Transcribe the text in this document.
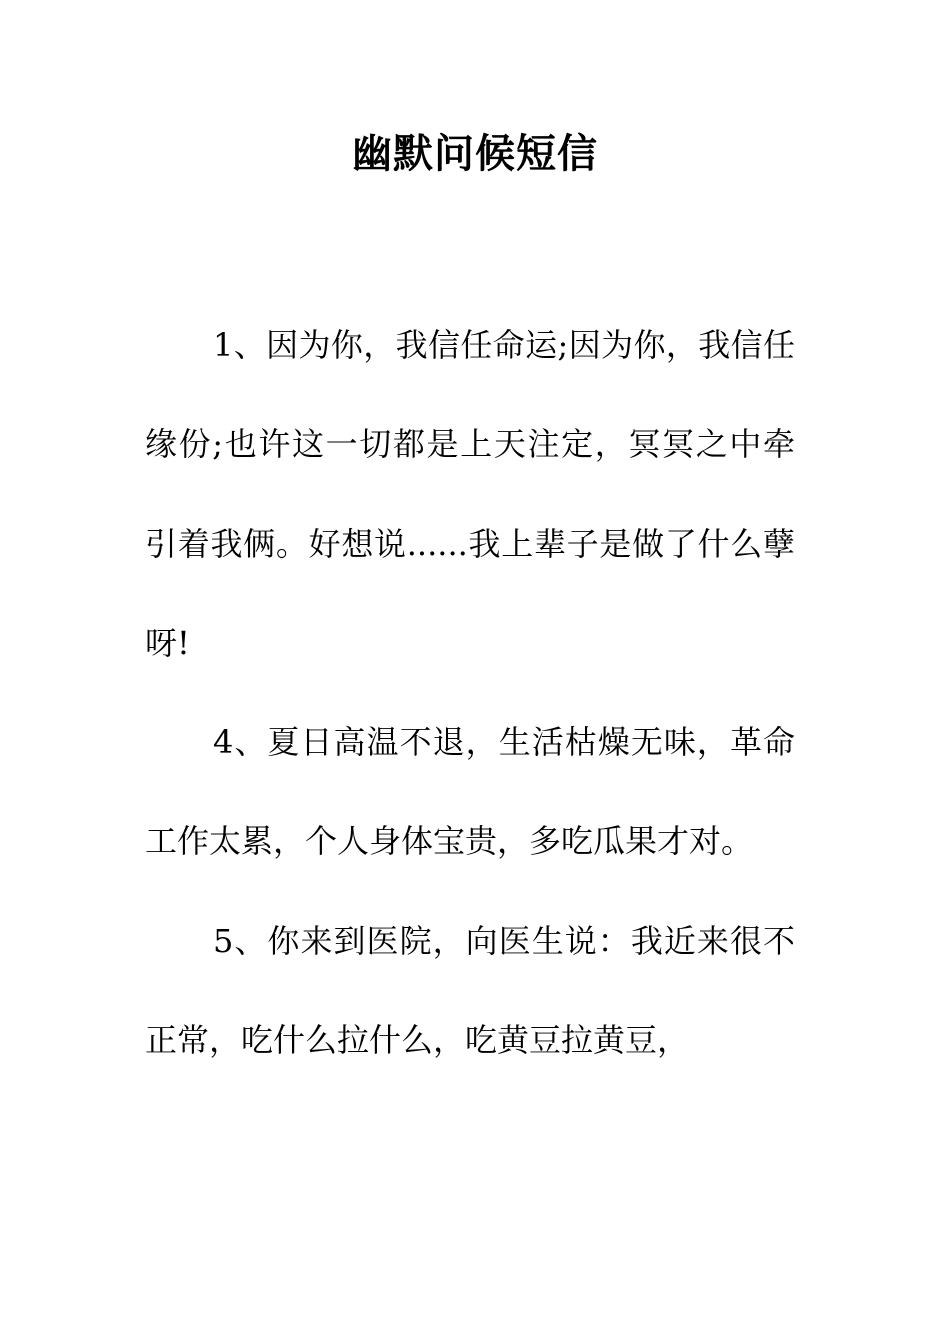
幽默问候短信

1、因为你，我信任命运;因为你，我信任缘份;也许这一切都是上天注定，冥冥之中牵引着我俩。好想说......我上辈子是做了什么孽呀!

4、夏日高温不退，生活枯燥无味，革命工作太累，个人身体宝贵，多吃瓜果才对。

5、你来到医院，向医生说：我近来很不正常，吃什么拉什么，吃黄豆拉黄豆，
